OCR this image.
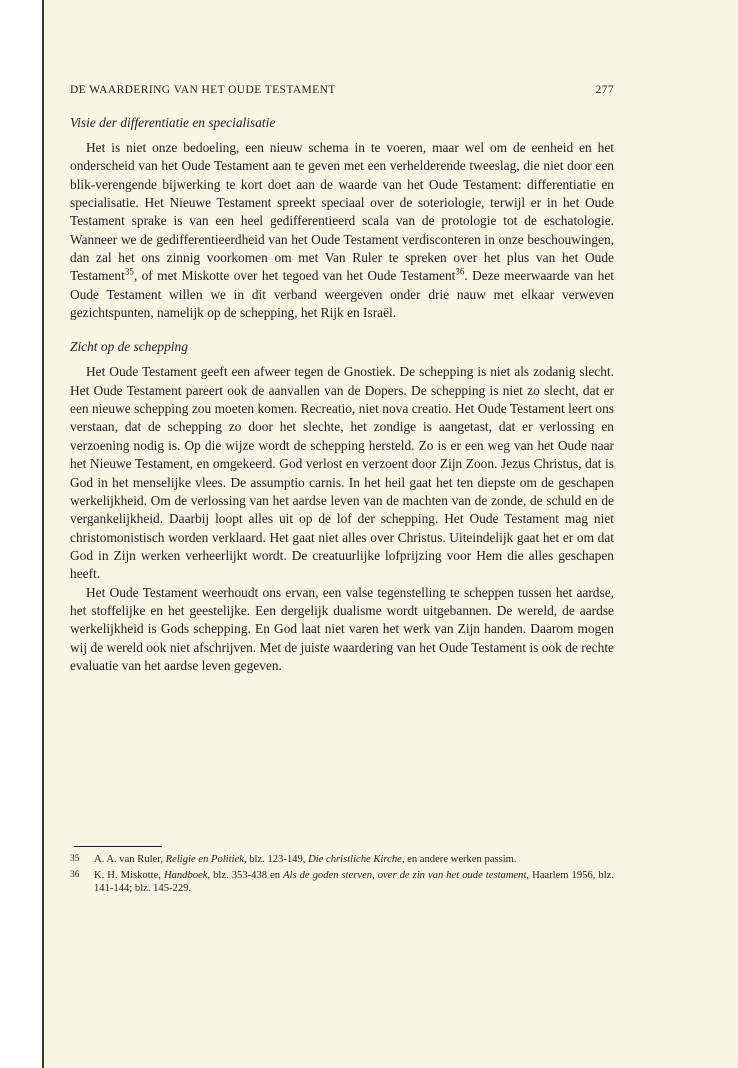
DE WAARDERING VAN HET OUDE TESTAMENT	277
Visie der differentiatie en specialisatie

Het is niet onze bedoeling, een nieuw schema in te voeren, maar wel om de eenheid en het onderscheid van het Oude Testament aan te geven met een verhelderende tweeslag, die niet door een blik-verengende bijwerking te kort doet aan de waarde van het Oude Testament: differentiatie en specialisatie. Het Nieuwe Testament spreekt speciaal over de soteriologie, terwijl er in het Oude Testament sprake is van een heel gedifferentieerd scala van de protologie tot de eschatologie. Wanneer we de gedifferentieerdheid van het Oude Testament verdisconteren in onze beschouwingen, dan zal het ons zinnig voorkomen om met Van Ruler te spreken over het plus van het Oude Testament$^{35}$, of met Miskotte over het tegoed van het Oude Testament$^{36}$. Deze meerwaarde van het Oude Testament willen we in dit verband weergeven onder drie nauw met elkaar verweven gezichtspunten, namelijk op de schepping, het Rijk en Israël.

Zicht op de schepping

Het Oude Testament geeft een afweer tegen de Gnostiek. De schepping is niet als zodanig slecht. Het Oude Testament pareert ook de aanvallen van de Dopers. De schepping is niet zo slecht, dat er een nieuwe schepping zou moeten komen. Recreatio, niet nova creatio. Het Oude Testament leert ons verstaan, dat de schepping zo door het slechte, het zondige is aangetast, dat er verlossing en verzoening nodig is. Op die wijze wordt de schepping hersteld. Zo is er een weg van het Oude naar het Nieuwe Testament, en omgekeerd. God verlost en verzoent door Zijn Zoon. Jezus Christus, dat is God in het menselijke vlees. De assumptio carnis. In het heil gaat het ten diepste om de geschapen werkelijkheid. Om de verlossing van het aardse leven van de machten van de zonde, de schuld en de vergankelijkheid. Daarbij loopt alles uit op de lof der schepping. Het Oude Testament mag niet christomonistisch worden verklaard. Het gaat niet alles over Christus. Uiteindelijk gaat het er om dat God in Zijn werken verheerlijkt wordt. De creatuurlijke lofprijzing voor Hem die alles geschapen heeft.

Het Oude Testament weerhoudt ons ervan, een valse tegenstelling te scheppen tussen het aardse, het stoffelijke en het geestelijke. Een dergelijk dualisme wordt uitgebannen. De wereld, de aardse werkelijkheid is Gods schepping. En God laat niet varen het werk van Zijn handen. Daarom mogen wij de wereld ook niet afschrijven. Met de juiste waardering van het Oude Testament is ook de rechte evaluatie van het aardse leven gegeven.

35 A. A. van Ruler, Religie en Politiek, blz. 123-149, Die christliche Kirche, en andere werken passim.
36 K. H. Miskotte, Handboek, blz. 353-438 en Als de goden sterven, over de zin van het oude testament, Haarlem 1956, blz. 141-144; blz. 145-229.
